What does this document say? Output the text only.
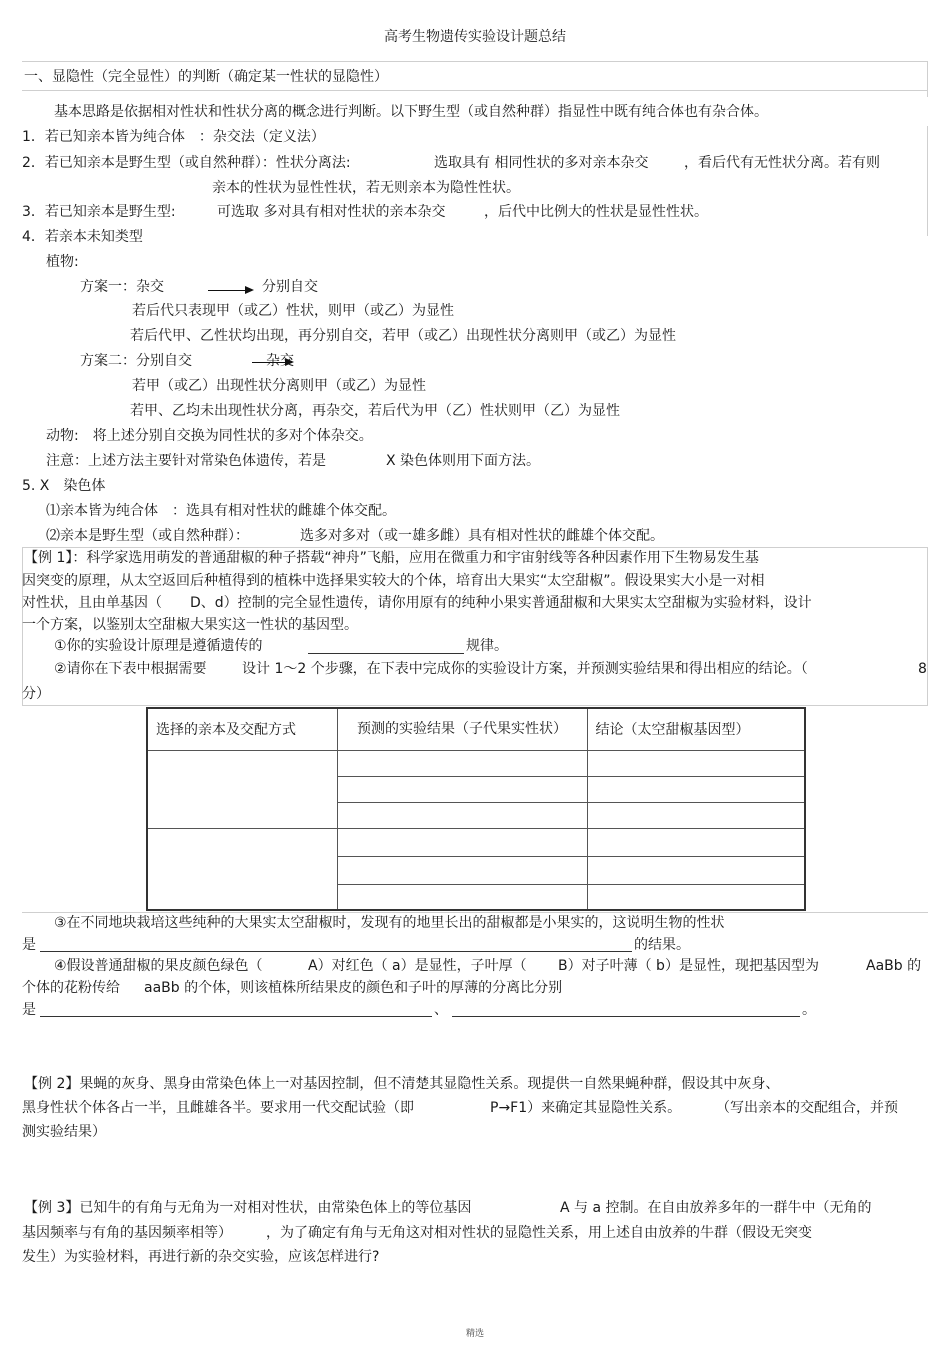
高考生物遗传实验设计题总结
一、显隐性（完全显性）的判断（确定某一性状的显隐性）
基本思路是依据相对性状和性状分离的概念进行判断。以下野生型（或自然种群）指显性中既有纯合体也有杂合体。
1．若已知亲本皆为纯合体　：杂交法（定义法）
2．若已知亲本是野生型（或自然种群）：性状分离法:	选取具有 相同性状的多对亲本杂交	，看后代有无性状分离。若有则
亲本的性状为显性性状，若无则亲本为隐性性状。
3．若已知亲本是野生型:	可选取 多对具有相对性状的亲本杂交	，后代中比例大的性状是显性性状。
4．若亲本未知类型
植物:
方案一：杂交	分别自交
若后代只表现甲（或乙）性状，则甲（或乙）为显性
若后代甲、乙性状均出现，再分别自交，若甲（或乙）出现性状分离则甲（或乙）为显性
方案二：分别自交	杂交
若甲（或乙）出现性状分离则甲（或乙）为显性
若甲、乙均未出现性状分离，再杂交，若后代为甲（乙）性状则甲（乙）为显性
动物:　将上述分别自交换为同性状的多对个体杂交。
注意：上述方法主要针对常染色体遗传，若是	X 染色体则用下面方法。
5. X　染色体
⑴亲本皆为纯合体　：选具有相对性状的雌雄个体交配。
⑵亲本是野生型（或自然种群）：	选多对多对（或一雄多雌）具有相对性状的雌雄个体交配。
【例 1】：科学家选用萌发的普通甜椒的种子搭载“神舟”飞船，应用在微重力和宇宙射线等各种因素作用下生物易发生基
因突变的原理，从太空返回后种植得到的植株中选择果实较大的个体，培育出大果实“太空甜椒”。假设果实大小是一对相
对性状，且由单基因（ D、d）控制的完全显性遗传，请你用原有的纯种小果实普通甜椒和大果实太空甜椒为实验材料，设计
一个方案，以鉴别太空甜椒大果实这一性状的基因型。
①你的实验设计原理是遵循遗传的	规律。
②请你在下表中根据需要	设计 1～2 个步骤，在下表中完成你的实验设计方案，并预测实验结果和得出相应的结论。（	8
分）
选择的亲本及交配方式	预测的实验结果（子代果实性状）	结论（太空甜椒基因型）

③在不同地块栽培这些纯种的大果实太空甜椒时，发现有的地里长出的甜椒都是小果实的，这说明生物的性状
是	的结果。
④假设普通甜椒的果皮颜色绿色（	A）对红色（ a）是显性，子叶厚（ B）对子叶薄（ b）是显性，现把基因型为	AaBb 的
个体的花粉传给 aaBb 的个体，则该植株所结果皮的颜色和子叶的厚薄的分离比分别
是	、	。
【例 2】果蝇的灰身、黑身由常染色体上一对基因控制，但不清楚其显隐性关系。现提供一自然果蝇种群，假设其中灰身、
黑身性状个体各占一半，且雌雄各半。要求用一代交配试验（即	P→F1）来确定其显隐性关系。 （写出亲本的交配组合，并预
测实验结果）
【例 3】已知牛的有角与无角为一对相对性状，由常染色体上的等位基因	A 与 a 控制。在自由放养多年的一群牛中（无角的
基因频率与有角的基因频率相等） ，为了确定有角与无角这对相对性状的显隐性关系，用上述自由放养的牛群（假设无突变
发生）为实验材料，再进行新的杂交实验，应该怎样进行?
精选
